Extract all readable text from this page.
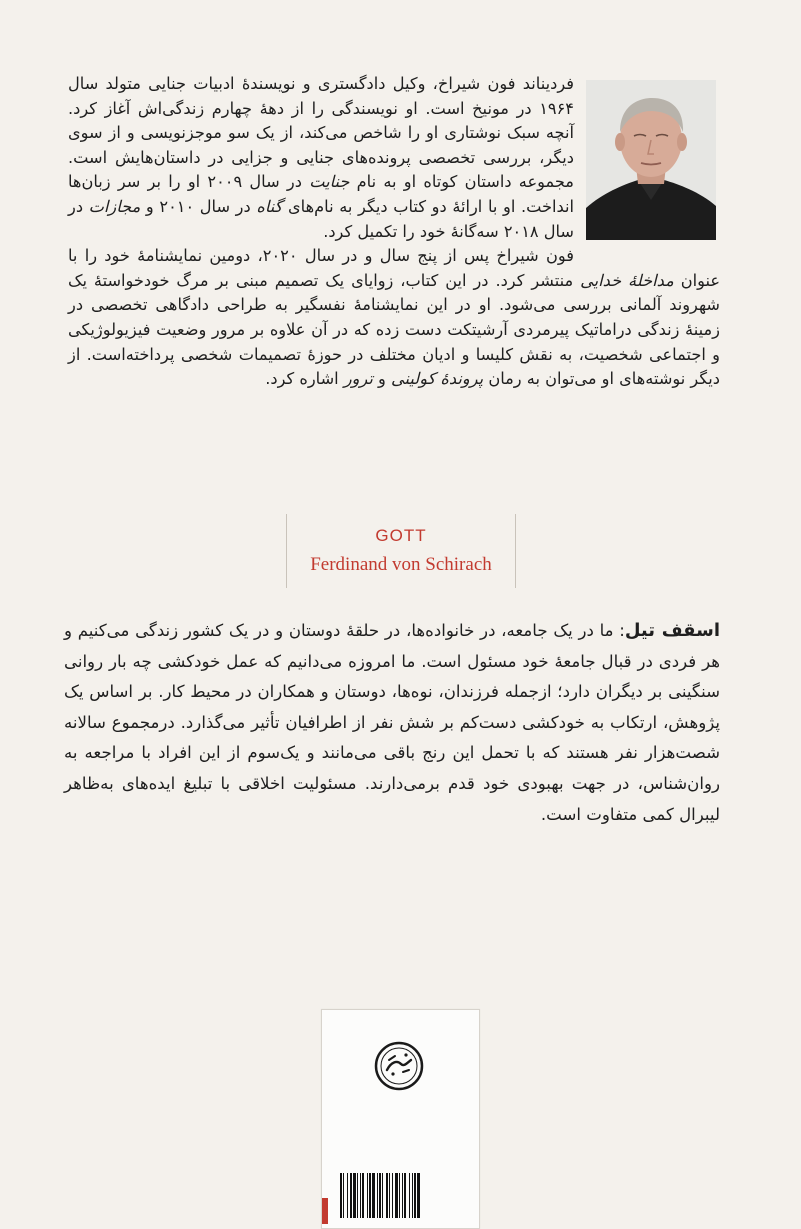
فردیناند فون شیراخ، وکیل دادگستری و نویسندهٔ ادبیات جنایی متولد سال ۱۹۶۴ در مونیخ است. او نویسندگی را از دههٔ چهارم زندگی‌اش آغاز کرد. آنچه سبک نوشتاری او را شاخص می‌کند، از یک سو موجزنویسی و از سوی دیگر، بررسی تخصصی پرونده‌های جنایی و جزایی در داستان‌هایش است. مجموعه داستان کوتاه او به نام جنایت در سال ۲۰۰۹ او را بر سر زبان‌ها انداخت. او با ارائهٔ دو کتاب دیگر به نام‌های گناه در سال ۲۰۱۰ و مجازات در سال ۲۰۱۸ سه‌گانهٔ خود را تکمیل کرد.

فون شیراخ پس از پنج سال و در سال ۲۰۲۰، دومین نمایشنامهٔ خود را با عنوان مداخلهٔ خدایی منتشر کرد. در این کتاب، زوایای یک تصمیم مبنی بر مرگ خودخواستهٔ یک شهروند آلمانی بررسی می‌شود. او در این نمایشنامهٔ نفسگیر به طراحی دادگاهی تخصصی در زمینهٔ زندگی دراماتیک پیرمردی آرشیتکت دست زده که در آن علاوه بر مرور وضعیت فیزیولوژیکی و اجتماعی شخصیت، به نقش کلیسا و ادیان مختلف در حوزهٔ تصمیمات شخصی پرداخته‌است. از دیگر نوشته‌های او می‌توان به رمان پروندهٔ کولینی و ترور اشاره کرد.

GOTT
Ferdinand von Schirach
اسقف تیل: ما در یک جامعه، در خانواده‌ها، در حلقهٔ دوستان و در یک کشور زندگی می‌کنیم و هر فردی در قبال جامعهٔ خود مسئول است. ما امروزه می‌دانیم که عمل خودکشی چه بار روانی سنگینی بر دیگران دارد؛ ازجمله فرزندان، نوه‌ها، دوستان و همکاران در محیط کار. بر اساس یک پژوهش، ارتکاب به خودکشی دست‌کم بر شش نفر از اطرافیان تأثیر می‌گذارد. درمجموع سالانه شصت‌هزار نفر هستند که با تحمل این رنج باقی می‌مانند و یک‌سوم از این افراد با مراجعه به روان‌شناس، در جهت بهبودی خود قدم برمی‌دارند. مسئولیت اخلاقی با تبلیغ ایده‌های به‌ظاهر لیبرال کمی متفاوت است.
